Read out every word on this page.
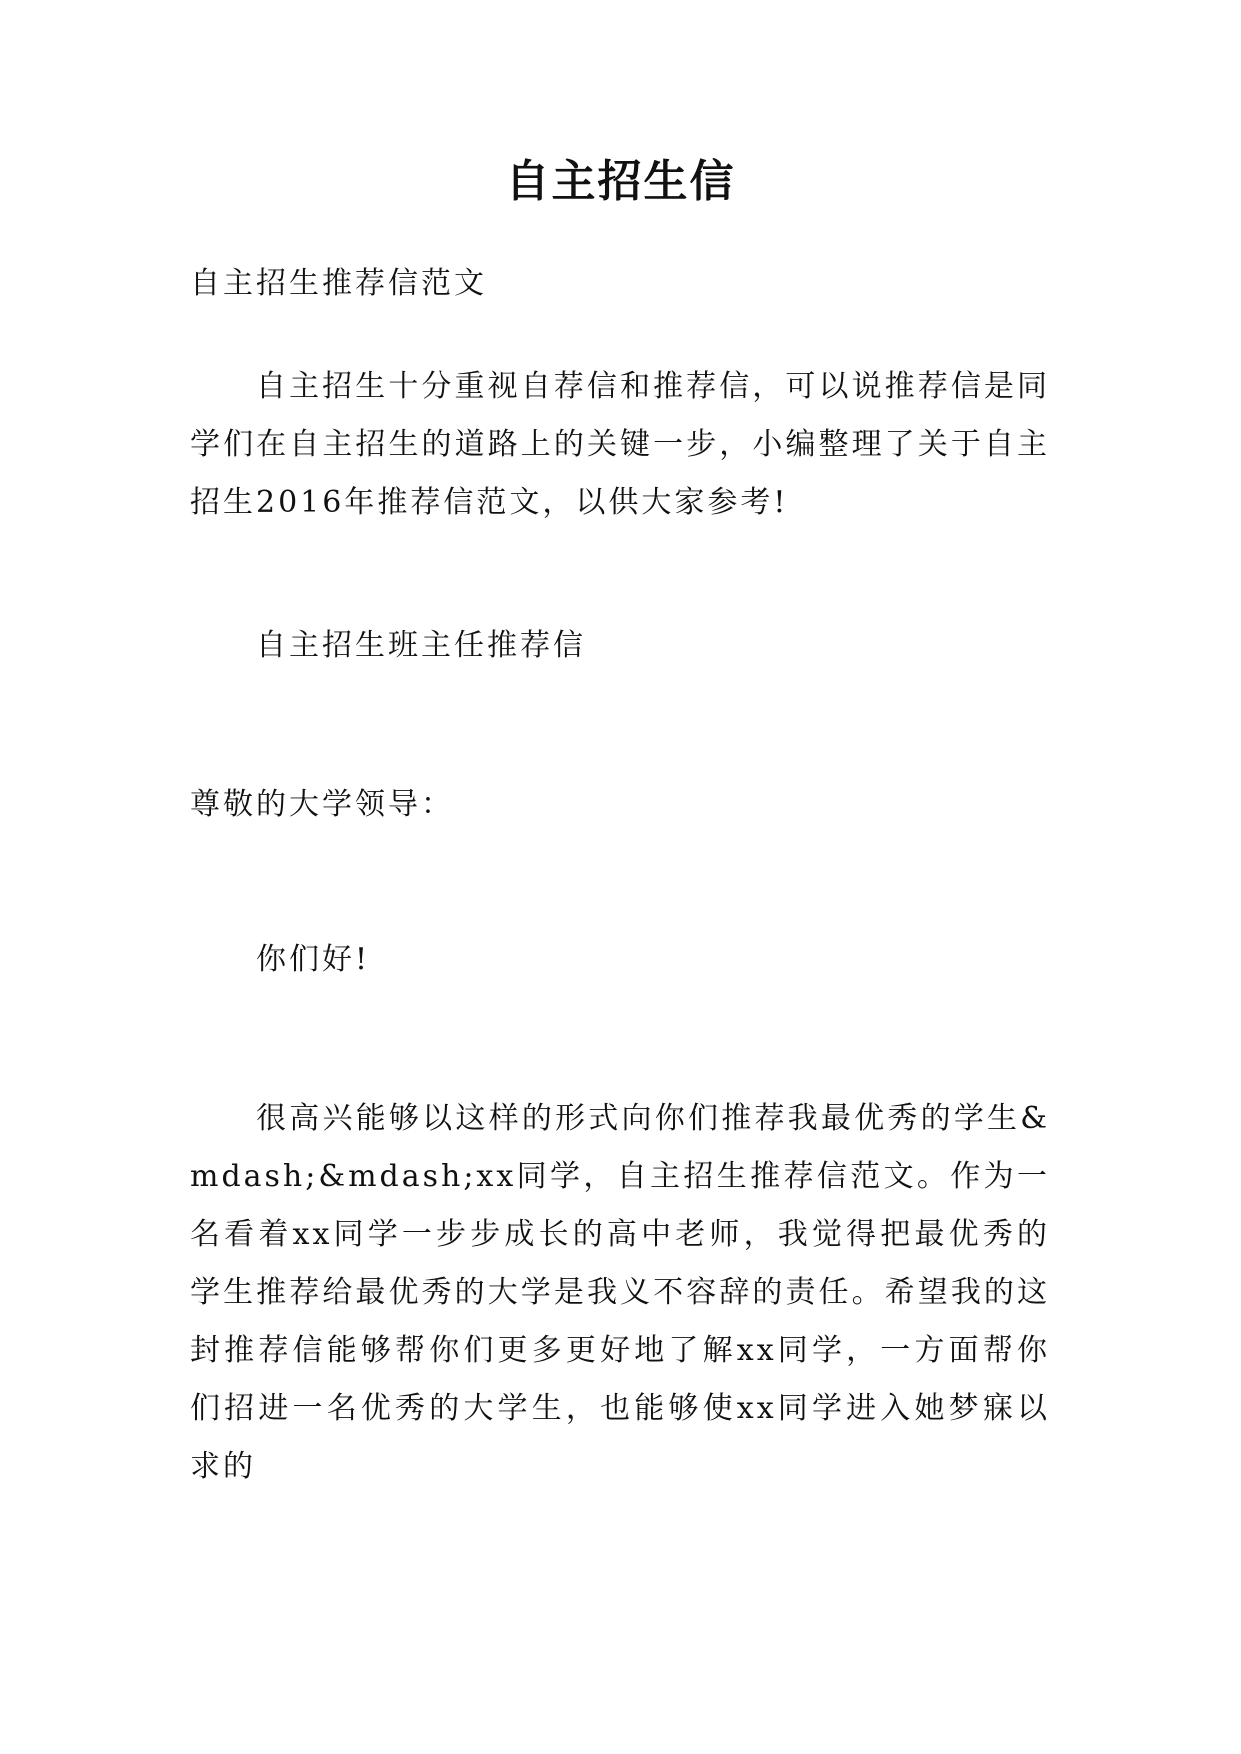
自主招生信

自主招生推荐信范文

自主招生十分重视自荐信和推荐信，可以说推荐信是同学们在自主招生的道路上的关键一步，小编整理了关于自主招生2016年推荐信范文，以供大家参考!

自主招生班主任推荐信

尊敬的大学领导：

你们好!

很高兴能够以这样的形式向你们推荐我最优秀的学生&mdash;&mdash;xx同学，自主招生推荐信范文。作为一名看着xx同学一步步成长的高中老师，我觉得把最优秀的学生推荐给最优秀的大学是我义不容辞的责任。希望我的这封推荐信能够帮你们更多更好地了解xx同学，一方面帮你们招进一名优秀的大学生，也能够使xx同学进入她梦寐以求的
